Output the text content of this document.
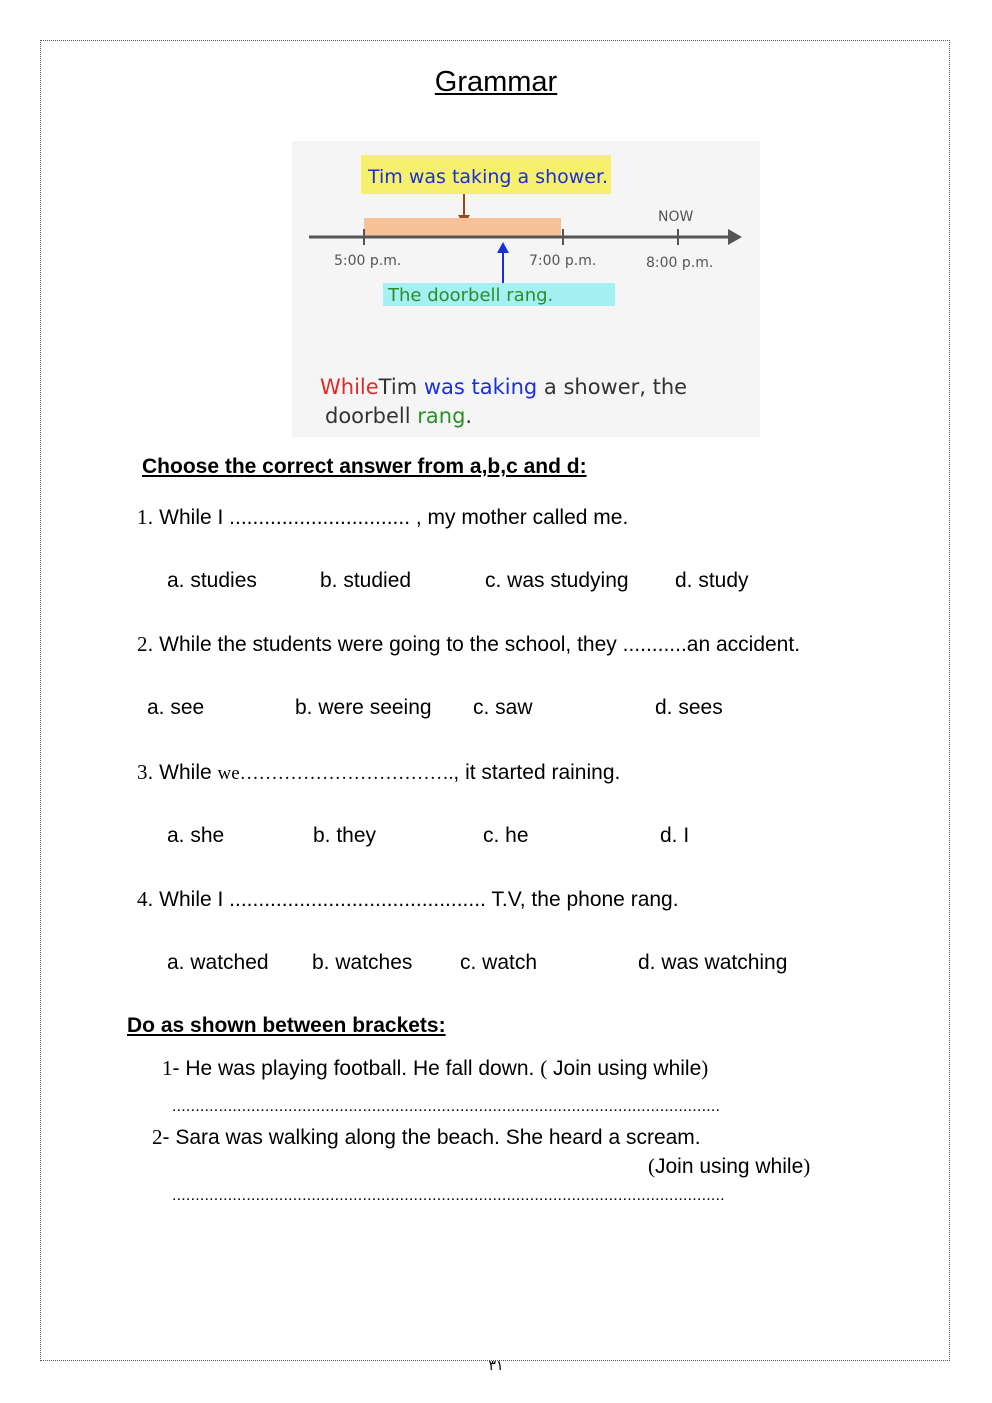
Grammar
Tim was taking a shower.
NOW
5:00 p.m.	7:00 p.m.	8:00 p.m.
The doorbell rang.
WhileTim was taking a shower, the
doorbell rang.
Choose the correct answer from a,b,c and d:
1. While I ............................... , my mother called me.
a. studies	b. studied	c. was studying d. study
2. While the students were going to the school, they ...........an accident.
a. see	b. were seeing c. saw	d. sees
3. While we……………………………., it started raining.
a. she	b. they	c. he	d. I
4. While I ............................................ T.V, the phone rang.
a. watched b. watches c. watch	d. was watching
Do as shown between brackets:
1- He was playing football. He fall down. ( Join using while)
......................................................................................................................
2- Sara was walking along the beach. She heard a scream.
(Join using while)
.......................................................................................................................
٣١
